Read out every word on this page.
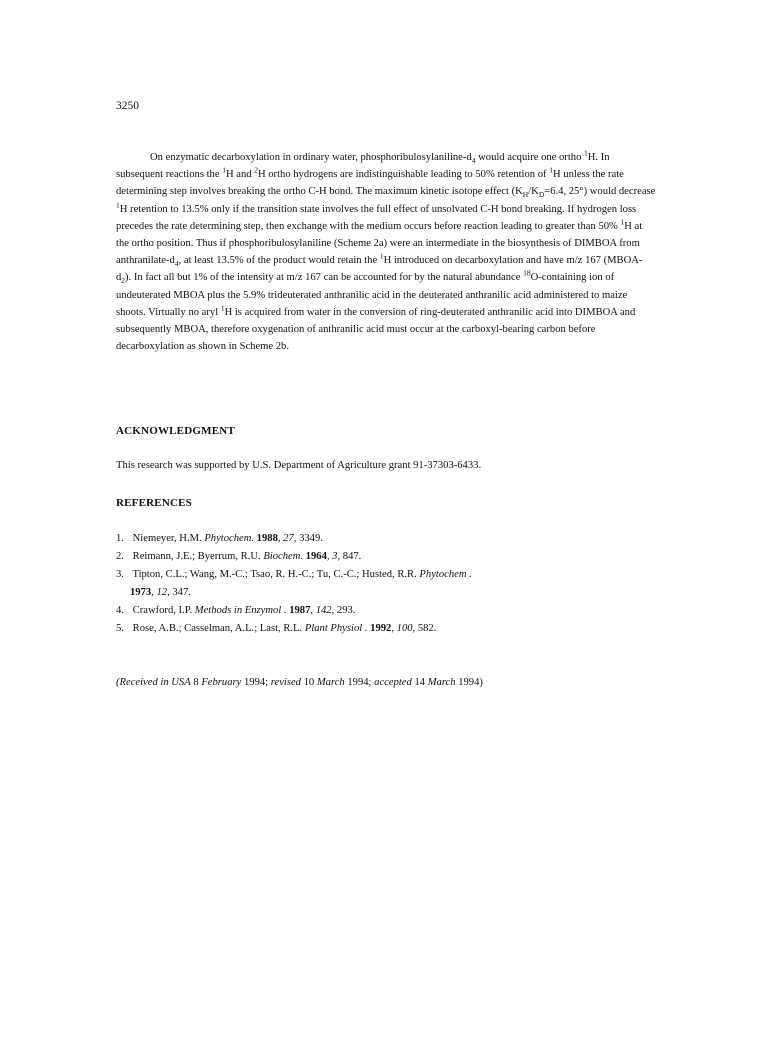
3250

On enzymatic decarboxylation in ordinary water, phosphoribulosylaniline-$d_4$ would acquire one ortho $^1$H. In subsequent reactions the $^1$H and $^2$H ortho hydrogens are indistinguishable leading to 50% retention of $^1$H unless the rate determining step involves breaking the ortho C-H bond. The maximum kinetic isotope effect ($K_H/K_D=6.4$, 25°) would decrease $^1$H retention to 13.5% only if the transition state involves the full effect of unsolvated C-H bond breaking. If hydrogen loss precedes the rate determining step, then exchange with the medium occurs before reaction leading to greater than 50% $^1$H at the ortho position. Thus if phosphoribulosylaniline (Scheme 2a) were an intermediate in the biosynthesis of DIMBOA from anthranilate-$d_4$, at least 13.5% of the product would retain the $^1$H introduced on decarboxylation and have m/z 167 $(MBOA-d_2)$. In fact all but 1% of the intensity at m/z 167 can be accounted for by the natural abundance $^{18}$O-containing ion of undeuterated MBOA plus the 5.9% trideuterated anthranilic acid in the deuterated anthranilic acid administered to maize shoots. Virtually no aryl $^1$H is acquired from water in the conversion of ring-deuterated anthranilic acid into DIMBOA and subsequently MBOA, therefore oxygenation of anthranilic acid must occur at the carboxyl-bearing carbon before decarboxylation as shown in Scheme 2b.

ACKNOWLEDGMENT
This research was supported by U.S. Department of Agriculture grant 91-37303-6433.
REFERENCES
1. Niemeyer, H.M. Phytochem. 1988, 27, 3349.
2. Reimann, J.E.; Byerrum, R.U. Biochem. 1964, 3, 847.
3. Tipton, C.L.; Wang, M.-C.; Tsao, R. H.-C.; Tu, C.-C.; Husted, R.R. Phytochem .
1973, 12, 347.
4. Crawford, I.P. Methods in Enzymol . 1987, 142, 293.
5. Rose, A.B.; Casselman, A.L.; Last, R.L. Plant Physiol . 1992, 100, 582.
(Received in USA 8 February 1994; revised 10 March 1994; accepted 14 March 1994)
